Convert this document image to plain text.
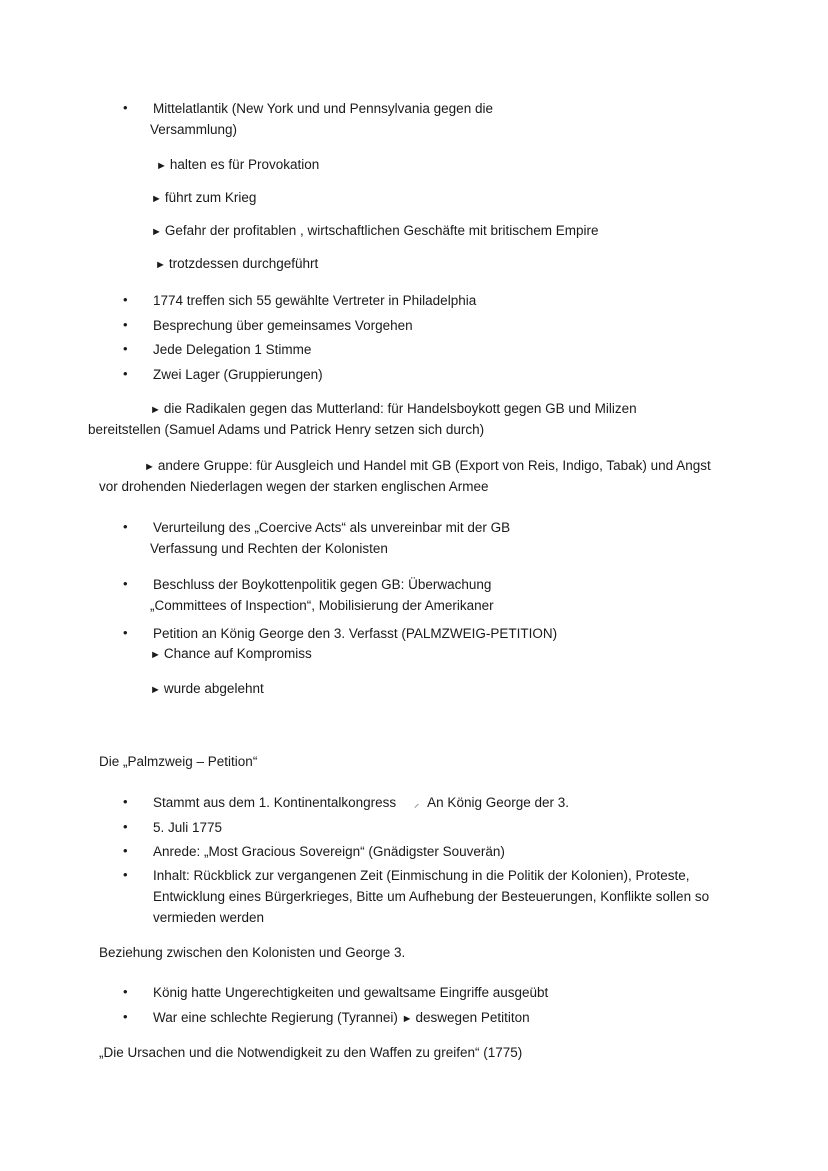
• Mittelatlantik (New York und und Pennsylvania gegen die
Versammlung)
► halten es für Provokation
► führt zum Krieg
► Gefahr der profitablen , wirtschaftlichen Geschäfte mit britischem Empire
► trotzdessen durchgeführt
• 1774 treffen sich 55 gewählte Vertreter in Philadelphia
• Besprechung über gemeinsames Vorgehen
• Jede Delegation 1 Stimme
• Zwei Lager (Gruppierungen)
► die Radikalen gegen das Mutterland: für Handelsboykott gegen GB und Milizen
bereitstellen (Samuel Adams und Patrick Henry setzen sich durch)
► andere Gruppe: für Ausgleich und Handel mit GB (Export von Reis, Indigo, Tabak) und Angst
vor drohenden Niederlagen wegen der starken englischen Armee
• Verurteilung des „Coercive Acts“ als unvereinbar mit der GB
Verfassung und Rechten der Kolonisten
• Beschluss der Boykottenpolitik gegen GB: Überwachung
„Committees of Inspection“, Mobilisierung der Amerikaner
• Petition an König George den 3. Verfasst (PALMZWEIG-PETITION)
► Chance auf Kompromiss
► wurde abgelehnt
Die „Palmzweig – Petition“
• Stammt aus dem 1. Kontinentalkongress ⸝ An König George der 3.
• 5. Juli 1775
• Anrede: „Most Gracious Sovereign“ (Gnädigster Souverän)
• Inhalt: Rückblick zur vergangenen Zeit (Einmischung in die Politik der Kolonien), Proteste,
Entwicklung eines Bürgerkrieges, Bitte um Aufhebung der Besteuerungen, Konflikte sollen so
vermieden werden
Beziehung zwischen den Kolonisten und George 3.
• König hatte Ungerechtigkeiten und gewaltsame Eingriffe ausgeübt
• War eine schlechte Regierung (Tyrannei) ► deswegen Petititon
„Die Ursachen und die Notwendigkeit zu den Waffen zu greifen“ (1775)
